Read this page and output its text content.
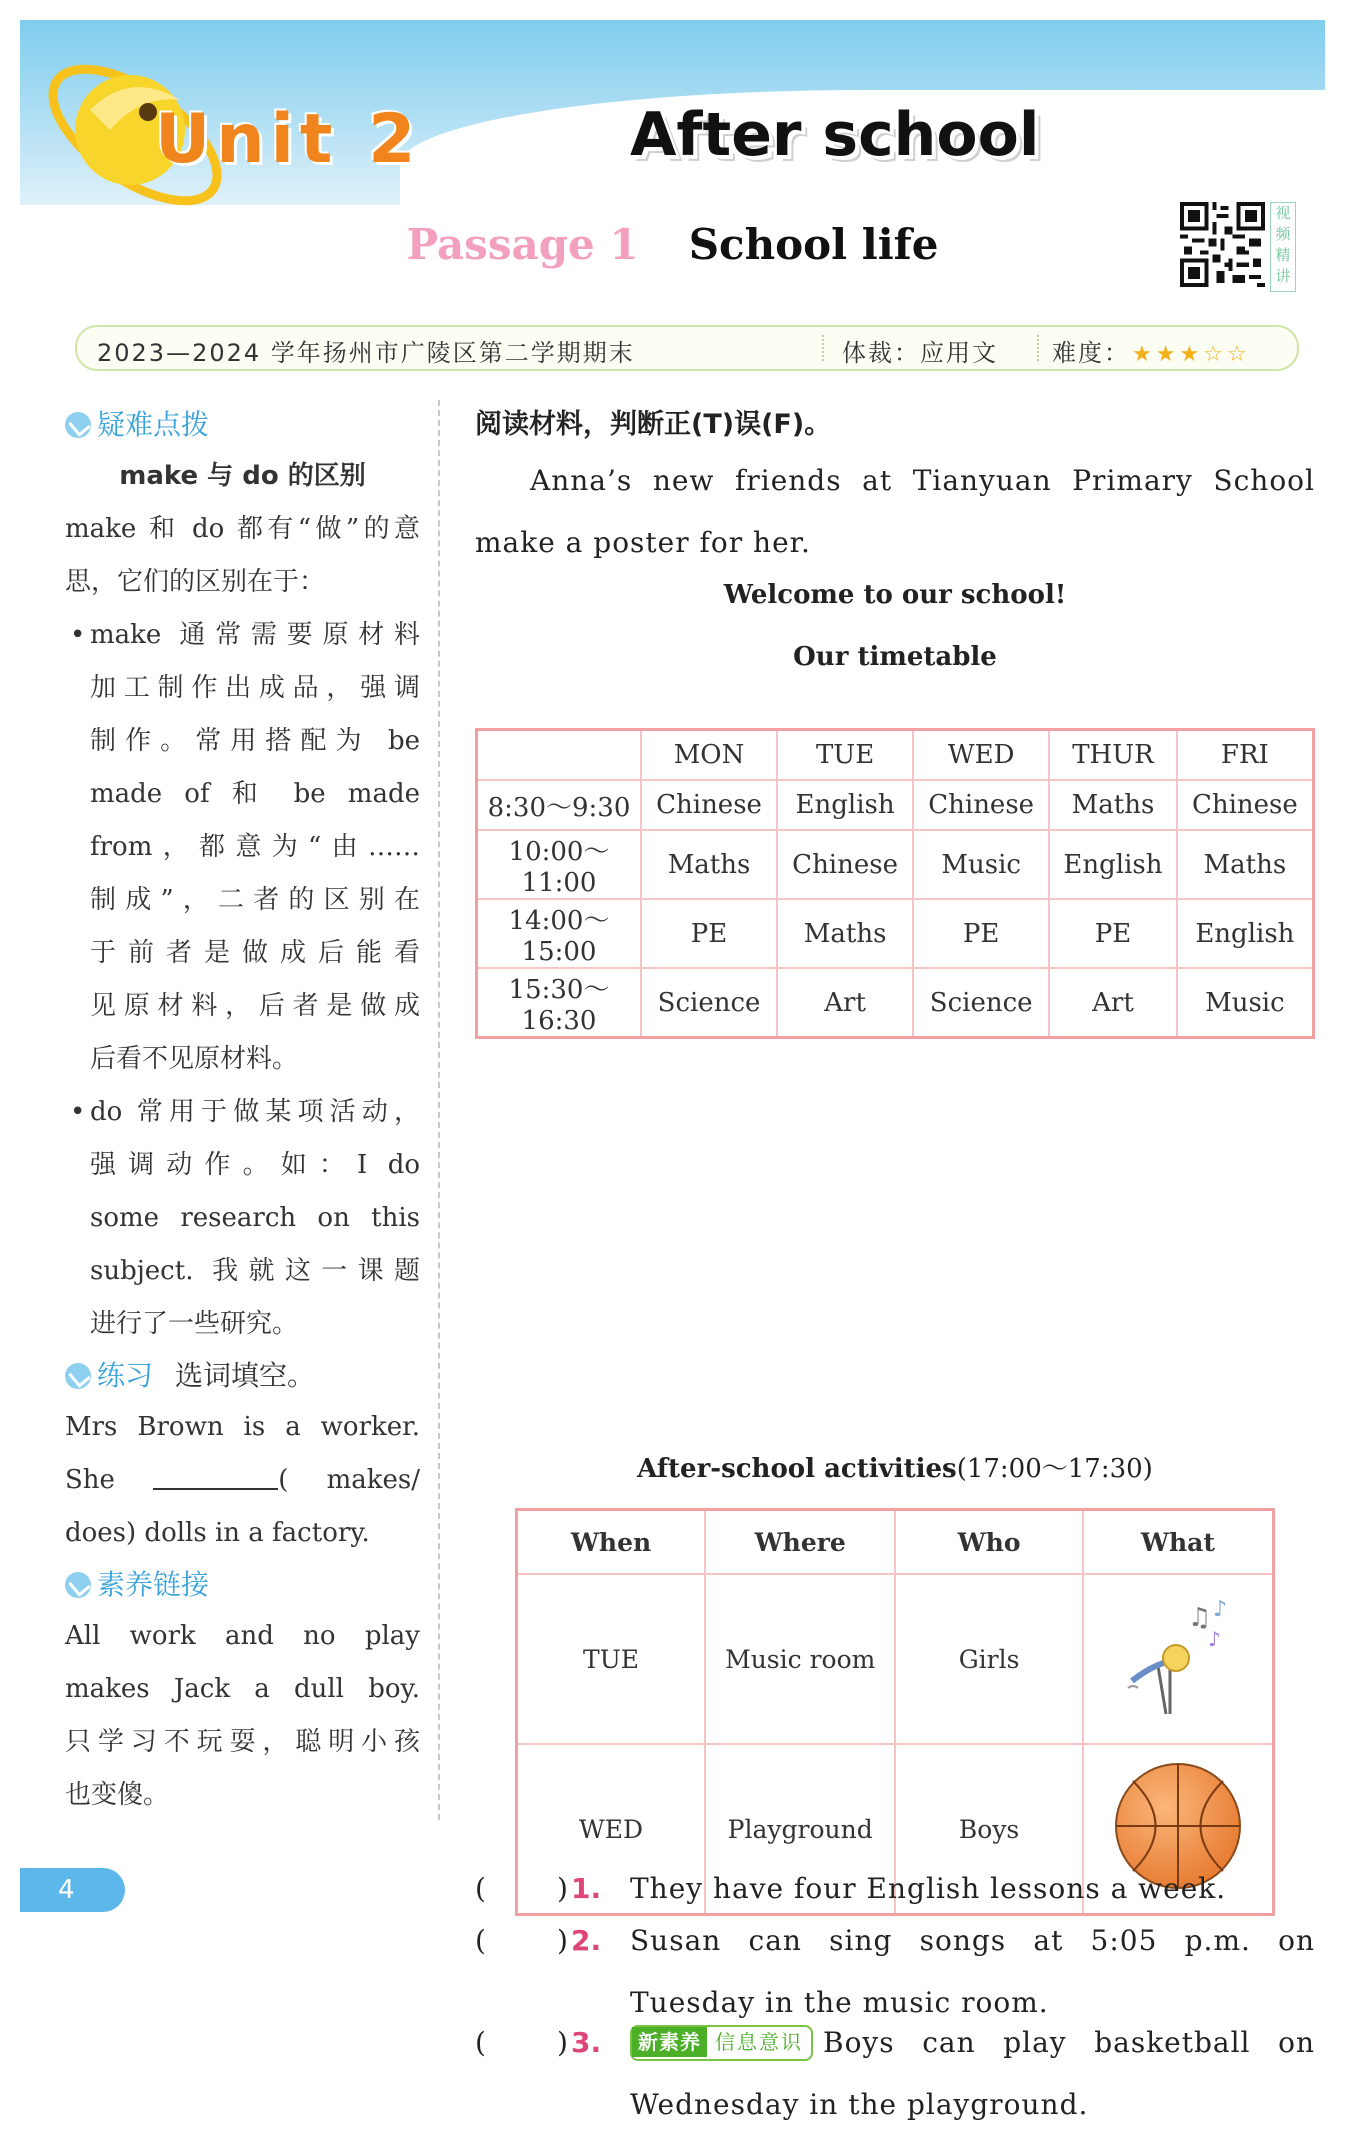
Unit 2	After school
Passage 1 School life
视频精讲
2023—2024 学年扬州市广陵区第二学期期末	体裁：应用文 难度：★★★☆☆
疑难点拨
make 与 do 的区别
make 和 do 都有“做”的意
思，它们的区别在于：
• make 通常需要原材料
加工制作出成品，强调
制作。常用搭配为 be
made of 和 be made
from，都意为“由……
制成”，二者的区别在
于前者是做成后能看
见原材料，后者是做成
后看不见原材料。
• do 常用于做某项活动，
强调动作。如：I do
some research on this
subject. 我就这一课题
进行了一些研究。
练习 选词填空。
Mrs Brown is a worker.
She	( makes/
does) dolls in a factory.
素养链接
All work and no play
makes Jack a dull boy.
只学习不玩耍，聪明小孩
也变傻。
阅读材料，判断正(T)误(F)。
Anna’s new friends at Tianyuan Primary School
make a poster for her.
Welcome to our school!
Our timetable
	MON	TUE	WED	THUR	FRI
8:30～9:30	Chinese	English	Chinese	Maths	Chinese
10:00～11:00	Maths	Chinese	Music	English	Maths
14:00～15:00	PE	Maths	PE	PE	English
15:30～16:30	Science	Art	Science	Art	Music
After-school activities(17:00～17:30)
When	Where	Who	What
TUE	Music room	Girls	♫ ♪
♪

WED	Playground	Boys	
(	) 1. They have four English lessons a week.
(	) 2. Susan can sing songs at 5:05 p.m. on
Tuesday in the music room.
(	) 3.	新素养 信息意识 Boys can play basketball on
Wednesday in the playground.
4
